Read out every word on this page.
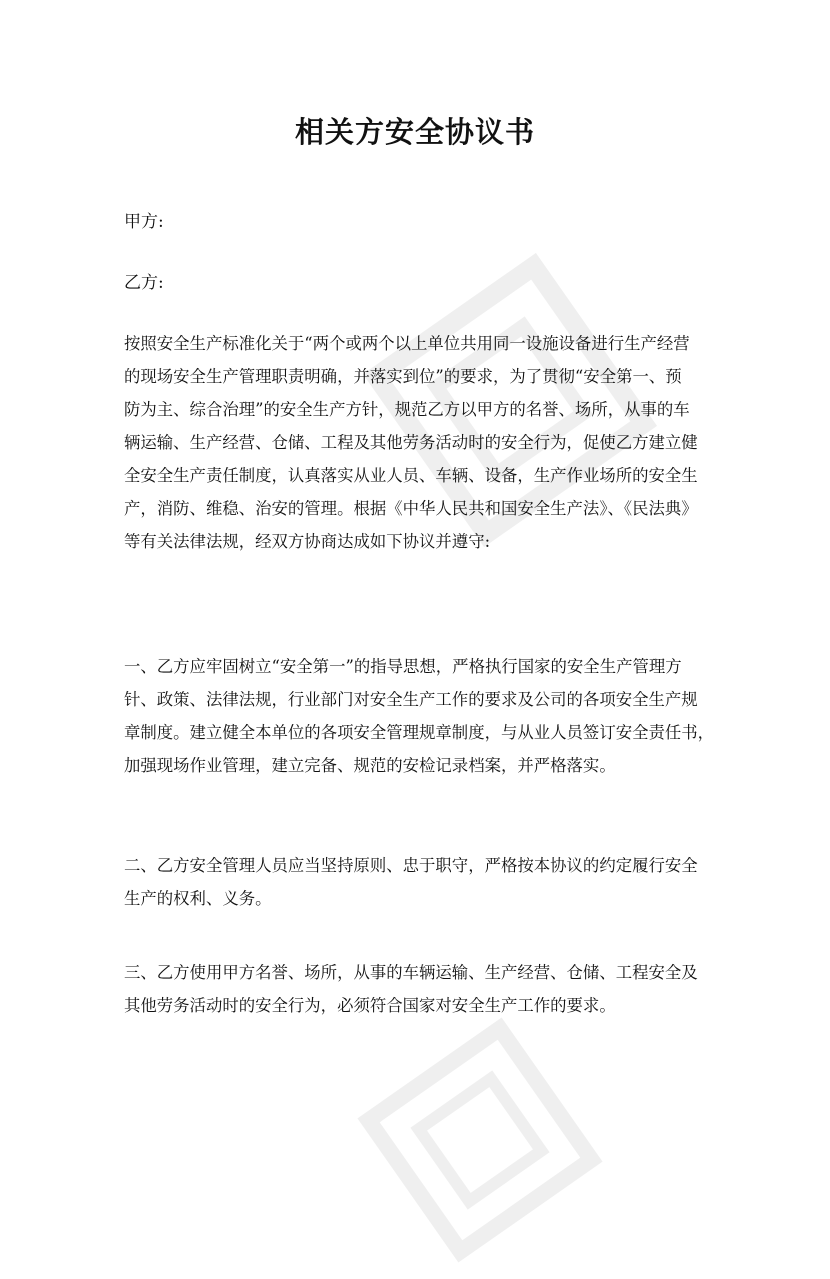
相关方安全协议书
甲方:
乙方:
按照安全生产标准化关于“两个或两个以上单位共用同一设施设备进行生产经营
的现场安全生产管理职责明确，并落实到位”的要求，为了贯彻“安全第一、预
防为主、综合治理”的安全生产方针，规范乙方以甲方的名誉、场所，从事的车
辆运输、生产经营、仓储、工程及其他劳务活动时的安全行为，促使乙方建立健
全安全生产责任制度，认真落实从业人员、车辆、设备，生产作业场所的安全生
产，消防、维稳、治安的管理。根据《中华人民共和国安全生产法》、《民法典》
等有关法律法规，经双方协商达成如下协议并遵守:
一、乙方应牢固树立“安全第一”的指导思想，严格执行国家的安全生产管理方
针、政策、法律法规，行业部门对安全生产工作的要求及公司的各项安全生产规
章制度。建立健全本单位的各项安全管理规章制度，与从业人员签订安全责任书，
加强现场作业管理，建立完备、规范的安检记录档案，并严格落实。
二、乙方安全管理人员应当坚持原则、忠于职守，严格按本协议的约定履行安全
生产的权利、义务。
三、乙方使用甲方名誉、场所，从事的车辆运输、生产经营、仓储、工程安全及
其他劳务活动时的安全行为，必须符合国家对安全生产工作的要求。
